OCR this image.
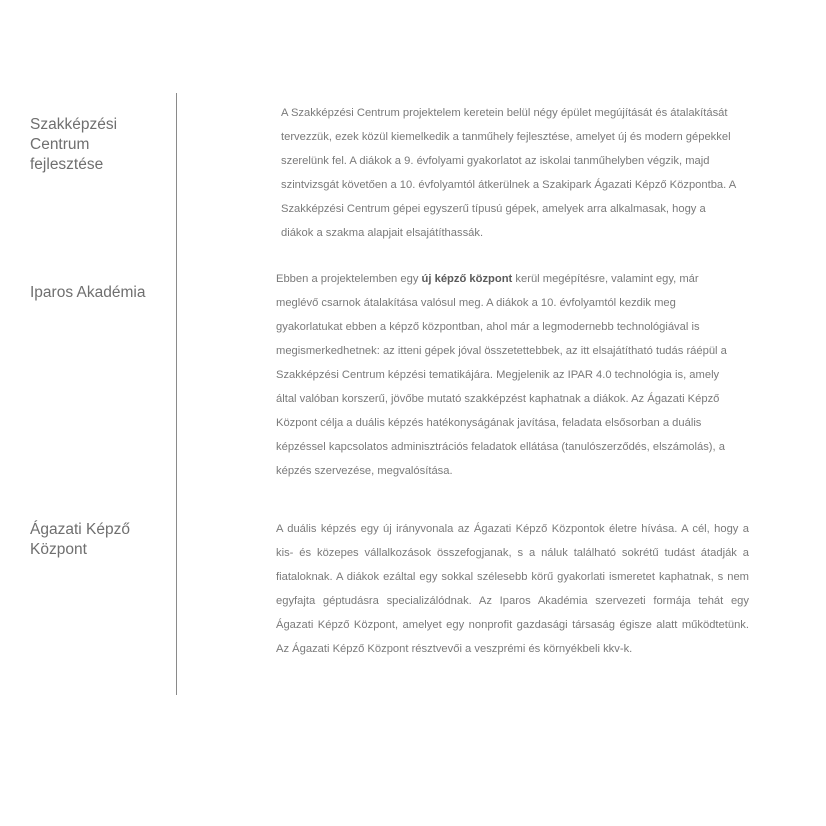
Szakképzési
Centrum
fejlesztése
A Szakképzési Centrum projektelem keretein belül négy épület megújítását és átalakítását
tervezzük, ezek közül kiemelkedik a tanműhely fejlesztése, amelyet új és modern gépekkel
szerelünk fel. A diákok a 9. évfolyami gyakorlatot az iskolai tanműhelyben végzik, majd
szintvizsgát követően a 10. évfolyamtól átkerülnek a Szakipark Ágazati Képző Központba. A
Szakképzési Centrum gépei egyszerű típusú gépek, amelyek arra alkalmasak, hogy a
diákok a szakma alapjait elsajátíthassák.
Iparos Akadémia
Ebben a projektelemben egy új képző központ kerül megépítésre, valamint egy, már
meglévő csarnok átalakítása valósul meg. A diákok a 10. évfolyamtól kezdik meg
gyakorlatukat ebben a képző központban, ahol már a legmodernebb technológiával is
megismerkedhetnek: az itteni gépek jóval összetettebbek, az itt elsajátítható tudás ráépül a
Szakképzési Centrum képzési tematikájára. Megjelenik az IPAR 4.0 technológia is, amely
által valóban korszerű, jövőbe mutató szakképzést kaphatnak a diákok. Az Ágazati Képző
Központ célja a duális képzés hatékonyságának javítása, feladata elsősorban a duális
képzéssel kapcsolatos adminisztrációs feladatok ellátása (tanulószerződés, elszámolás), a
képzés szervezése, megvalósítása.
Ágazati Képző
Központ
A duális képzés egy új irányvonala az Ágazati Képző Központok életre hívása. A cél, hogy a
kis- és közepes vállalkozások összefogjanak, s a náluk található sokrétű tudást átadják a
fiataloknak. A diákok ezáltal egy sokkal szélesebb körű gyakorlati ismeretet kaphatnak, s nem
egyfajta géptudásra specializálódnak. Az Iparos Akadémia szervezeti formája tehát egy
Ágazati Képző Központ, amelyet egy nonprofit gazdasági társaság égisze alatt működtetünk.
Az Ágazati Képző Központ résztvevői a veszprémi és környékbeli kkv-k.
